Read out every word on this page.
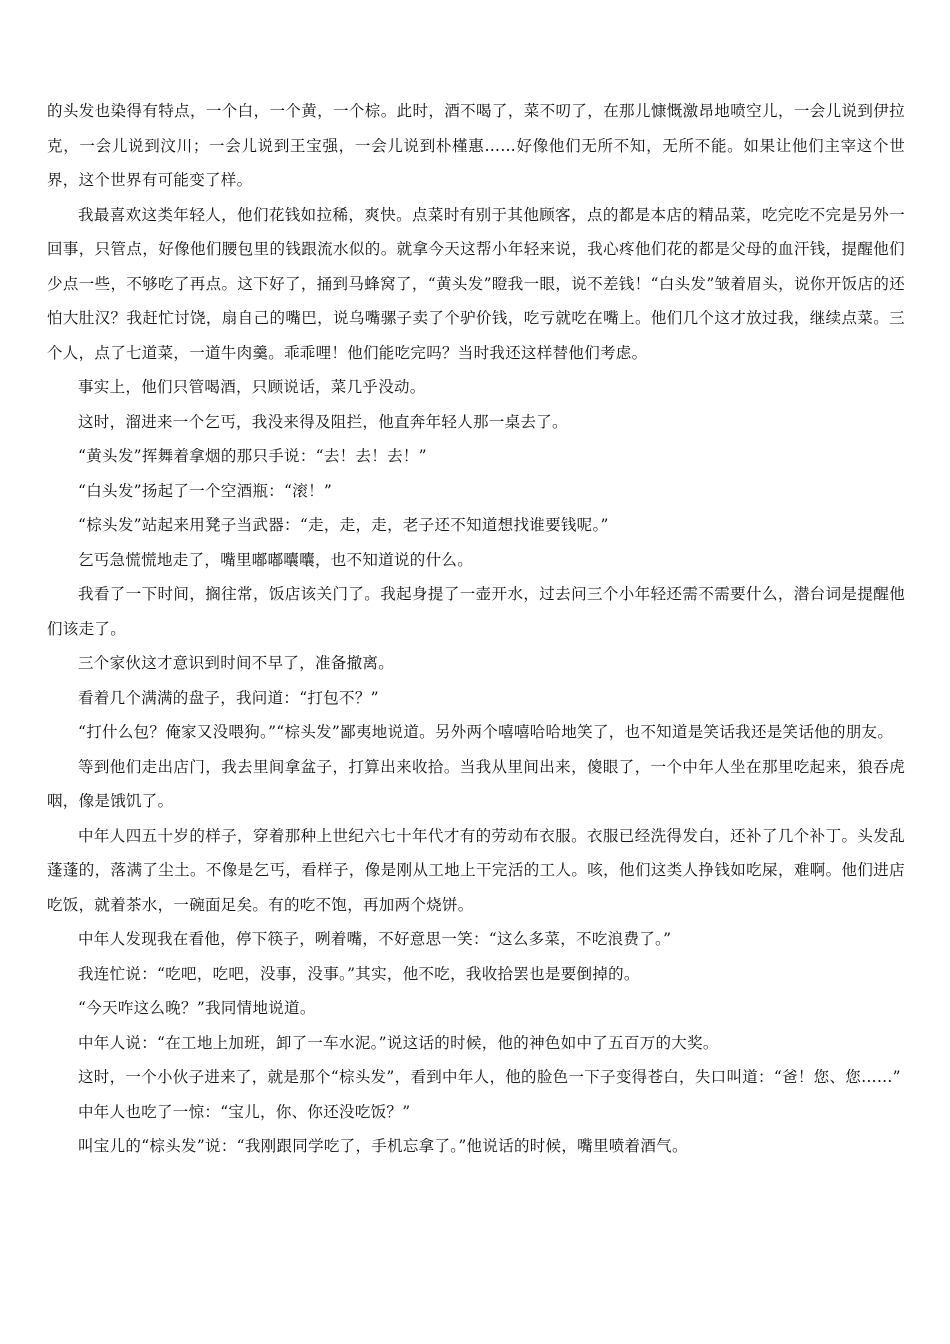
的头发也染得有特点，一个白，一个黄，一个棕。此时，酒不喝了，菜不叨了，在那儿慷慨激昂地喷空儿，一会儿说到伊拉克，一会儿说到汶川；一会儿说到王宝强，一会儿说到朴槿惠……好像他们无所不知，无所不能。如果让他们主宰这个世界，这个世界有可能变了样。

我最喜欢这类年轻人，他们花钱如拉稀，爽快。点菜时有别于其他顾客，点的都是本店的精品菜，吃完吃不完是另外一回事，只管点，好像他们腰包里的钱跟流水似的。就拿今天这帮小年轻来说，我心疼他们花的都是父母的血汗钱，提醒他们少点一些，不够吃了再点。这下好了，捅到马蜂窝了，“黄头发”瞪我一眼，说不差钱！“白头发”皱着眉头，说你开饭店的还怕大肚汉？我赶忙讨饶，扇自己的嘴巴，说乌嘴骡子卖了个驴价钱，吃亏就吃在嘴上。他们几个这才放过我，继续点菜。三个人，点了七道菜，一道牛肉羹。乖乖哩！他们能吃完吗？当时我还这样替他们考虑。

事实上，他们只管喝酒，只顾说话，菜几乎没动。

这时，溜进来一个乞丐，我没来得及阻拦，他直奔年轻人那一桌去了。

“黄头发”挥舞着拿烟的那只手说：“去！去！去！”

“白头发”扬起了一个空酒瓶：“滚！”

“棕头发”站起来用凳子当武器：“走，走，走，老子还不知道想找谁要钱呢。”

乞丐急慌慌地走了，嘴里嘟嘟囔囔，也不知道说的什么。

我看了一下时间，搁往常，饭店该关门了。我起身提了一壶开水，过去问三个小年轻还需不需要什么，潜台词是提醒他们该走了。

三个家伙这才意识到时间不早了，准备撤离。

看着几个满满的盘子，我问道：“打包不？”

“打什么包？俺家又没喂狗。”“棕头发”鄙夷地说道。另外两个嘻嘻哈哈地笑了，也不知道是笑话我还是笑话他的朋友。

等到他们走出店门，我去里间拿盆子，打算出来收拾。当我从里间出来，傻眼了，一个中年人坐在那里吃起来，狼吞虎咽，像是饿饥了。

中年人四五十岁的样子，穿着那种上世纪六七十年代才有的劳动布衣服。衣服已经洗得发白，还补了几个补丁。头发乱蓬蓬的，落满了尘土。不像是乞丐，看样子，像是刚从工地上干完活的工人。咳，他们这类人挣钱如吃屎，难啊。他们进店吃饭，就着茶水，一碗面足矣。有的吃不饱，再加两个烧饼。

中年人发现我在看他，停下筷子，咧着嘴，不好意思一笑：“这么多菜，不吃浪费了。”

我连忙说：“吃吧，吃吧，没事，没事。”其实，他不吃，我收拾罢也是要倒掉的。

“今天咋这么晚？”我同情地说道。

中年人说：“在工地上加班，卸了一车水泥。”说这话的时候，他的神色如中了五百万的大奖。

这时，一个小伙子进来了，就是那个“棕头发”，看到中年人，他的脸色一下子变得苍白，失口叫道：“爸！您、您……”

中年人也吃了一惊：“宝儿，你、你还没吃饭？”

叫宝儿的“棕头发”说：“我刚跟同学吃了，手机忘拿了。”他说话的时候，嘴里喷着酒气。
